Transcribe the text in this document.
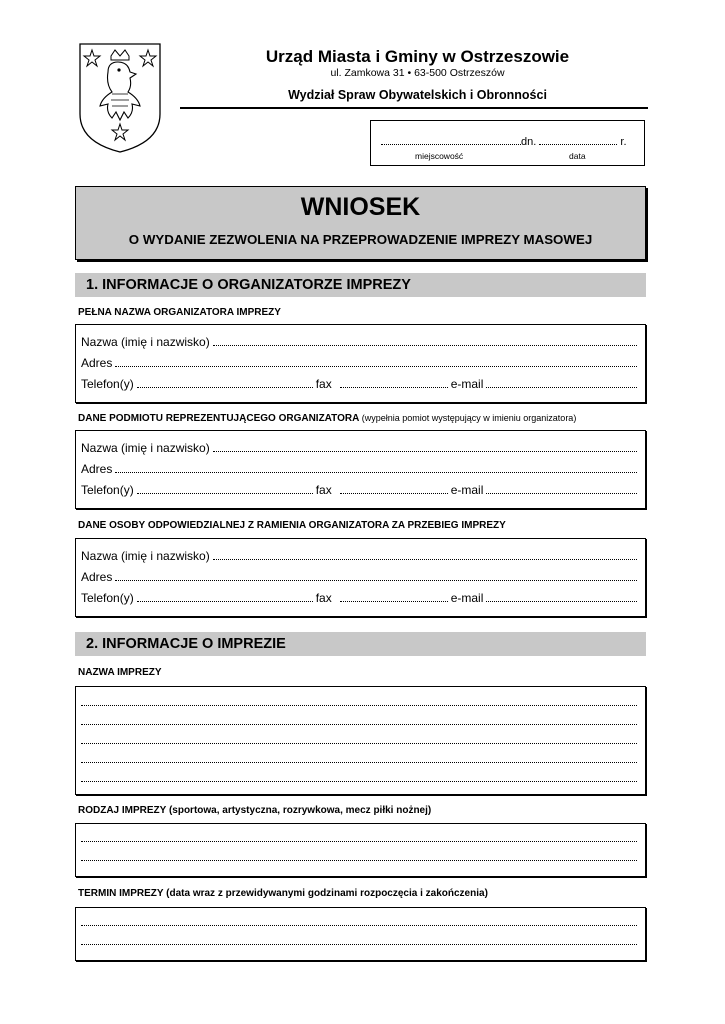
Urząd Miasta i Gminy w Ostrzeszowie
ul. Zamkowa 31 • 63-500 Ostrzeszów
Wydział Spraw Obywatelskich i Obronności
dn.	r.
miejscowość	data
WNIOSEK
O WYDANIE ZEZWOLENIA NA PRZEPROWADZENIE IMPREZY MASOWEJ
1. INFORMACJE O ORGANIZATORZE IMPREZY
PEŁNA NAZWA ORGANIZATORA IMPREZY
Nazwa (imię i nazwisko)
Adres
Telefon(y)	fax	e-mail
DANE PODMIOTU REPREZENTUJĄCEGO ORGANIZATORA (wypełnia pomiot występujący w imieniu organizatora)
Nazwa (imię i nazwisko)
Adres
Telefon(y)	fax	e-mail
DANE OSOBY ODPOWIEDZIALNEJ Z RAMIENIA ORGANIZATORA ZA PRZEBIEG IMPREZY
Nazwa (imię i nazwisko)
Adres
Telefon(y)	fax	e-mail
2. INFORMACJE O IMPREZIE
NAZWA IMPREZY
RODZAJ IMPREZY (sportowa, artystyczna, rozrywkowa, mecz piłki nożnej)
TERMIN IMPREZY (data wraz z przewidywanymi godzinami rozpoczęcia i zakończenia)
